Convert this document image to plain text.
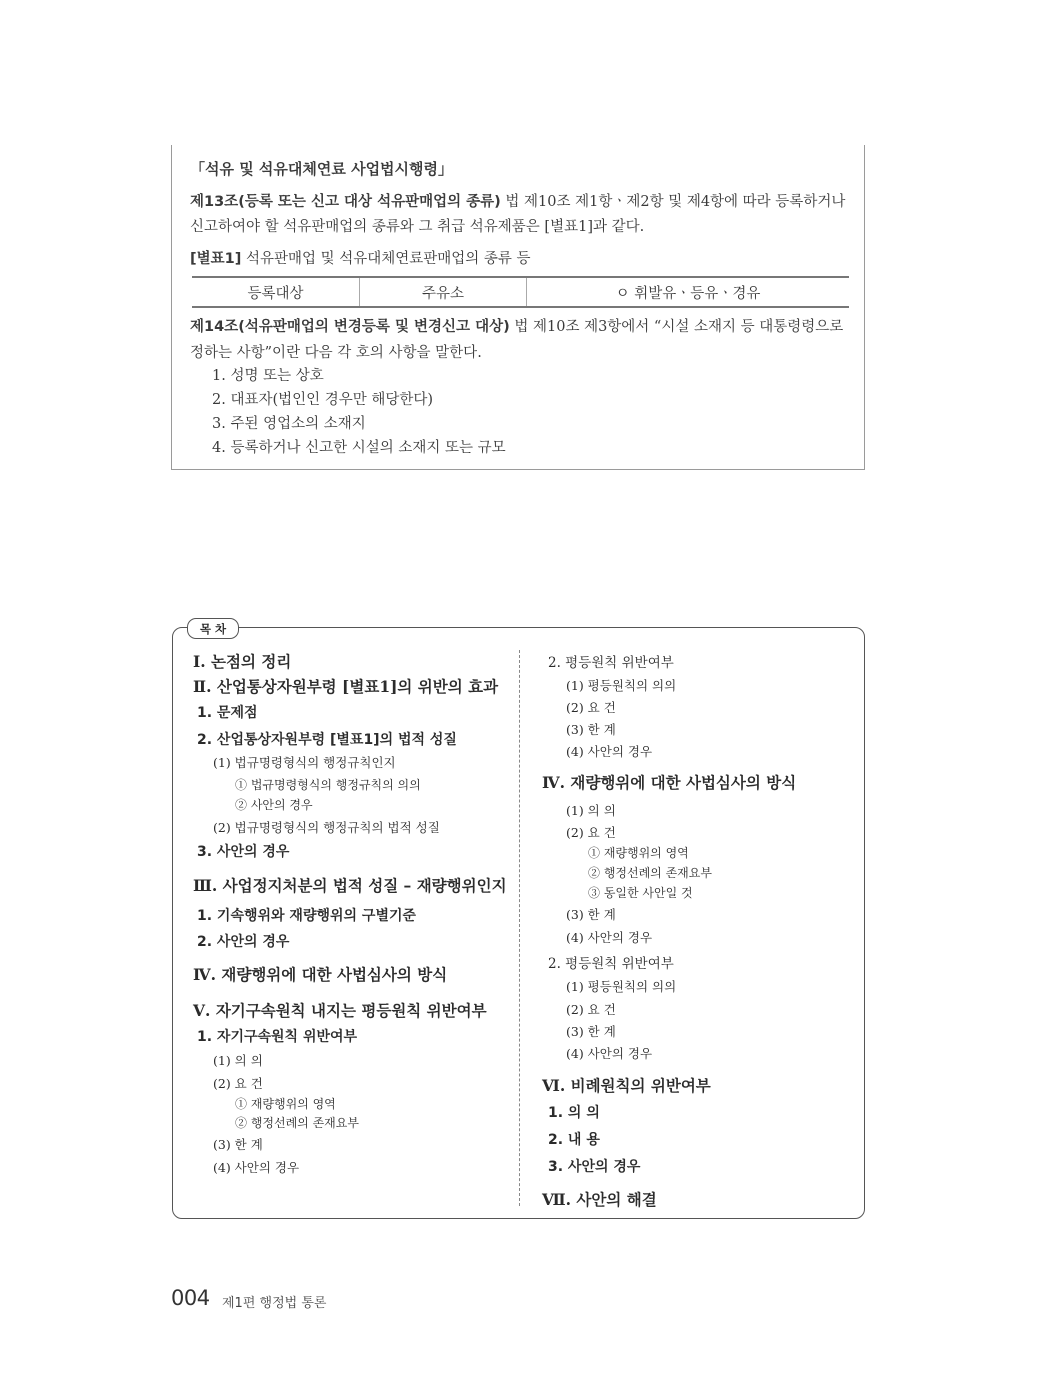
「석유 및 석유대체연료 사업법시행령」
제13조(등록 또는 신고 대상 석유판매업의 종류) 법 제10조 제1항ㆍ제2항 및 제4항에 따라 등록하거나
신고하여야 할 석유판매업의 종류와 그 취급 석유제품은 [별표1]과 같다.
[별표1] 석유판매업 및 석유대체연료판매업의 종류 등
등록대상	주유소	ㅇ 휘발유ㆍ등유ㆍ경유
제14조(석유판매업의 변경등록 및 변경신고 대상) 법 제10조 제3항에서 “시설 소재지 등 대통령령으로
정하는 사항”이란 다음 각 호의 사항을 말한다.
1. 성명 또는 상호
2. 대표자(법인인 경우만 해당한다)
3. 주된 영업소의 소재지
4. 등록하거나 신고한 시설의 소재지 또는 규모
목 차
Ⅰ. 논점의 정리
Ⅱ. 산업통상자원부령 [별표1]의 위반의 효과
1. 문제점
2. 산업통상자원부령 [별표1]의 법적 성질
(1) 법규명령형식의 행정규칙인지
① 법규명령형식의 행정규칙의 의의
② 사안의 경우
(2) 법규명령형식의 행정규칙의 법적 성질
3. 사안의 경우
Ⅲ. 사업정지처분의 법적 성질 – 재량행위인지
1. 기속행위와 재량행위의 구별기준
2. 사안의 경우
Ⅳ. 재량행위에 대한 사법심사의 방식
Ⅴ. 자기구속원칙 내지는 평등원칙 위반여부
1. 자기구속원칙 위반여부
(1) 의 의
(2) 요 건
① 재량행위의 영역
② 행정선례의 존재요부
(3) 한 계
(4) 사안의 경우
2. 평등원칙 위반여부
(1) 평등원칙의 의의
(2) 요 건
(3) 한 계
(4) 사안의 경우
Ⅳ. 재량행위에 대한 사법심사의 방식
(1) 의 의
(2) 요 건
① 재량행위의 영역
② 행정선례의 존재요부
③ 동일한 사안일 것
(3) 한 계
(4) 사안의 경우
2. 평등원칙 위반여부
(1) 평등원칙의 의의
(2) 요 건
(3) 한 계
(4) 사안의 경우
Ⅵ. 비례원칙의 위반여부
1. 의 의
2. 내 용
3. 사안의 경우
Ⅶ. 사안의 해결
004 제1편 행정법 통론
